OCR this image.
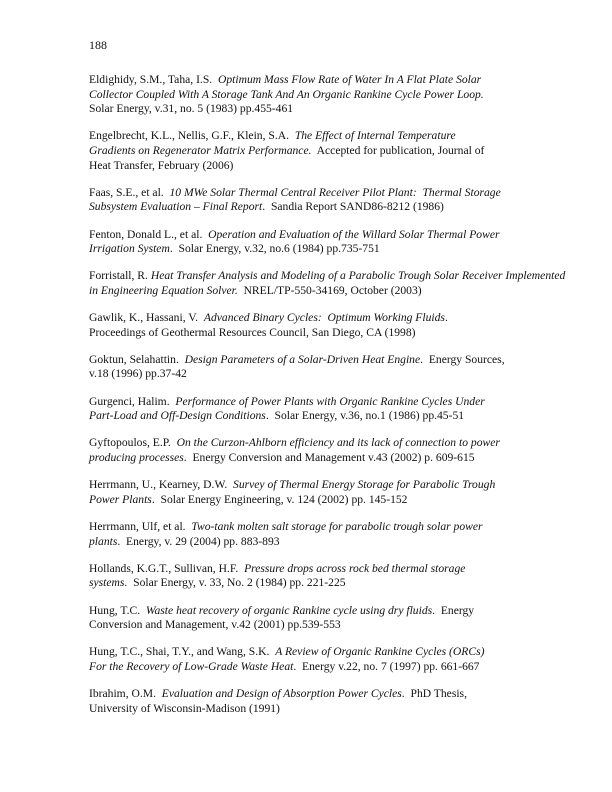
188
Eldighidy, S.M., Taha, I.S.  Optimum Mass Flow Rate of Water In A Flat Plate Solar
Collector Coupled With A Storage Tank And An Organic Rankine Cycle Power Loop.
Solar Energy, v.31, no. 5 (1983) pp.455-461
Engelbrecht, K.L., Nellis, G.F., Klein, S.A.  The Effect of Internal Temperature
Gradients on Regenerator Matrix Performance.  Accepted for publication, Journal of
Heat Transfer, February (2006)
Faas, S.E., et al.  10 MWe Solar Thermal Central Receiver Pilot Plant:  Thermal Storage
Subsystem Evaluation – Final Report.  Sandia Report SAND86-8212 (1986)
Fenton, Donald L., et al.  Operation and Evaluation of the Willard Solar Thermal Power
Irrigation System.  Solar Energy, v.32, no.6 (1984) pp.735-751
Forristall, R. Heat Transfer Analysis and Modeling of a Parabolic Trough Solar Receiver Implemented
in Engineering Equation Solver.  NREL/TP-550-34169, October (2003)
Gawlik, K., Hassani, V.  Advanced Binary Cycles:  Optimum Working Fluids.
Proceedings of Geothermal Resources Council, San Diego, CA (1998)
Goktun, Selahattin.  Design Parameters of a Solar-Driven Heat Engine.  Energy Sources,
v.18 (1996) pp.37-42
Gurgenci, Halim.  Performance of Power Plants with Organic Rankine Cycles Under
Part-Load and Off-Design Conditions.  Solar Energy, v.36, no.1 (1986) pp.45-51
Gyftopoulos, E.P.  On the Curzon-Ahlborn efficiency and its lack of connection to power
producing processes.  Energy Conversion and Management v.43 (2002) p. 609-615
Herrmann, U., Kearney, D.W.  Survey of Thermal Energy Storage for Parabolic Trough
Power Plants.  Solar Energy Engineering, v. 124 (2002) pp. 145-152
Herrmann, Ulf, et al.  Two-tank molten salt storage for parabolic trough solar power
plants.  Energy, v. 29 (2004) pp. 883-893
Hollands, K.G.T., Sullivan, H.F.  Pressure drops across rock bed thermal storage
systems.  Solar Energy, v. 33, No. 2 (1984) pp. 221-225
Hung, T.C.  Waste heat recovery of organic Rankine cycle using dry fluids.  Energy
Conversion and Management, v.42 (2001) pp.539-553
Hung, T.C., Shai, T.Y., and Wang, S.K.  A Review of Organic Rankine Cycles (ORCs)
For the Recovery of Low-Grade Waste Heat.  Energy v.22, no. 7 (1997) pp. 661-667
Ibrahim, O.M.  Evaluation and Design of Absorption Power Cycles.  PhD Thesis,
University of Wisconsin-Madison (1991)
